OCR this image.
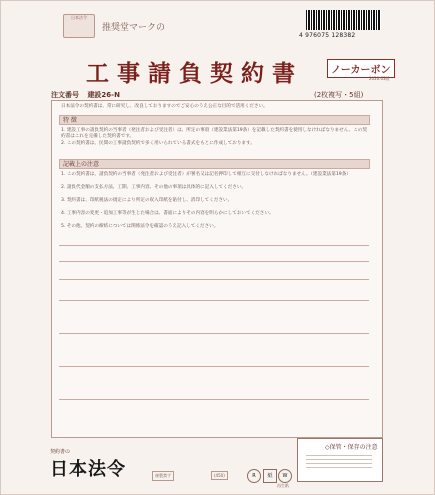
日本法令
推奨堂マークの
4 976075 128382
工事請負契約書	ノーカーボン
2020.03版
注文番号 建設26-N	(2枚複写・5組)
日本法令の契約書は、常に研究し、改良しておりますのでご安心のうえ公正な目的で活用ください。
特 徴
1. 建設工事の請負契約の当事者（発注者および受注者）は、所定の事項（建設業法第19条）を記載した契約書を使用しなければなりません。この契約書はこれを完備した契約書です。
2. この契約書は、民間の工事請負契約で多く用いられている書式をもとに作成しております。
記載上の注意
1. この契約書は、請負契約の当事者（発注者および受注者）が署名又は記名押印して相互に交付しなければなりません。（建設業法第19条）
2. 請負代金額の支払方法、工期、工事内容、その他の事項は具体的に記入してください。
3. 契約書は、印紙税法の規定により所定の収入印紙を貼付し、消印してください。
4. 工事内容の変更・追加工事等が生じた場合は、書面によりその内容を明らかにしておいてください。
5. その他、契約の締結については関係法令を確認のうえ記入してください。
契約書の
日本法令	複製禁ず	(450)	R	紙	W
再生紙
◇保管・保存の注意
